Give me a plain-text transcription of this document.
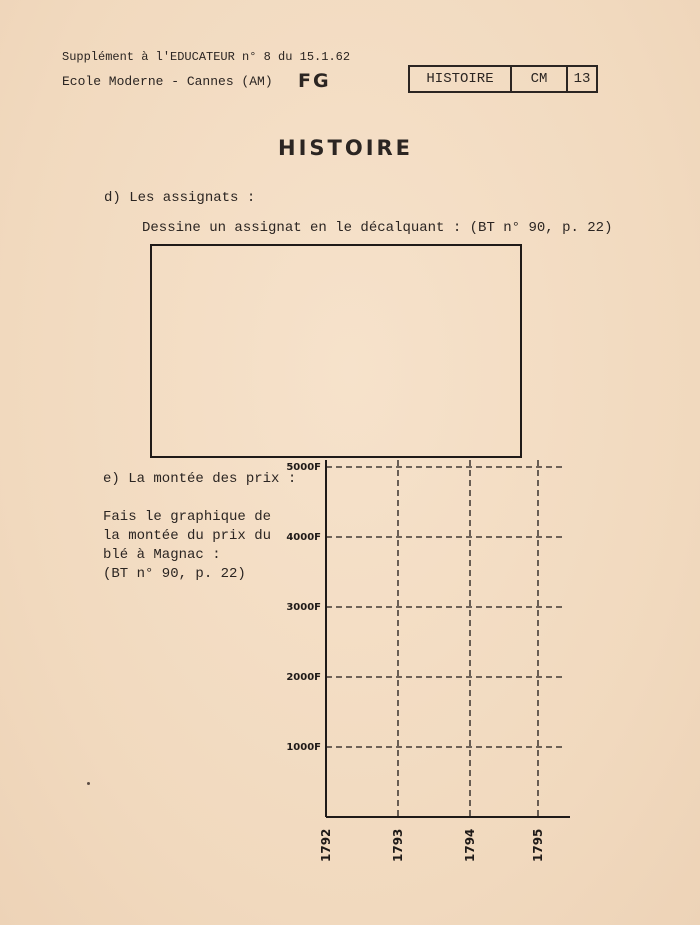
Supplément à l'EDUCATEUR n° 8 du 15.1.62
Ecole Moderne - Cannes (AM) FG	HISTOIRE	CM	13
HISTOIRE
d) Les assignats :
Dessine un assignat en le décalquant : (BT n° 90, p. 22)
e) La montée des prix :
Fais le graphique de
la montée du prix du
blé à Magnac :
(BT n° 90, p. 22)
1000F
2000F
3000F
4000F
5000F
1792	1793	1794	1795
